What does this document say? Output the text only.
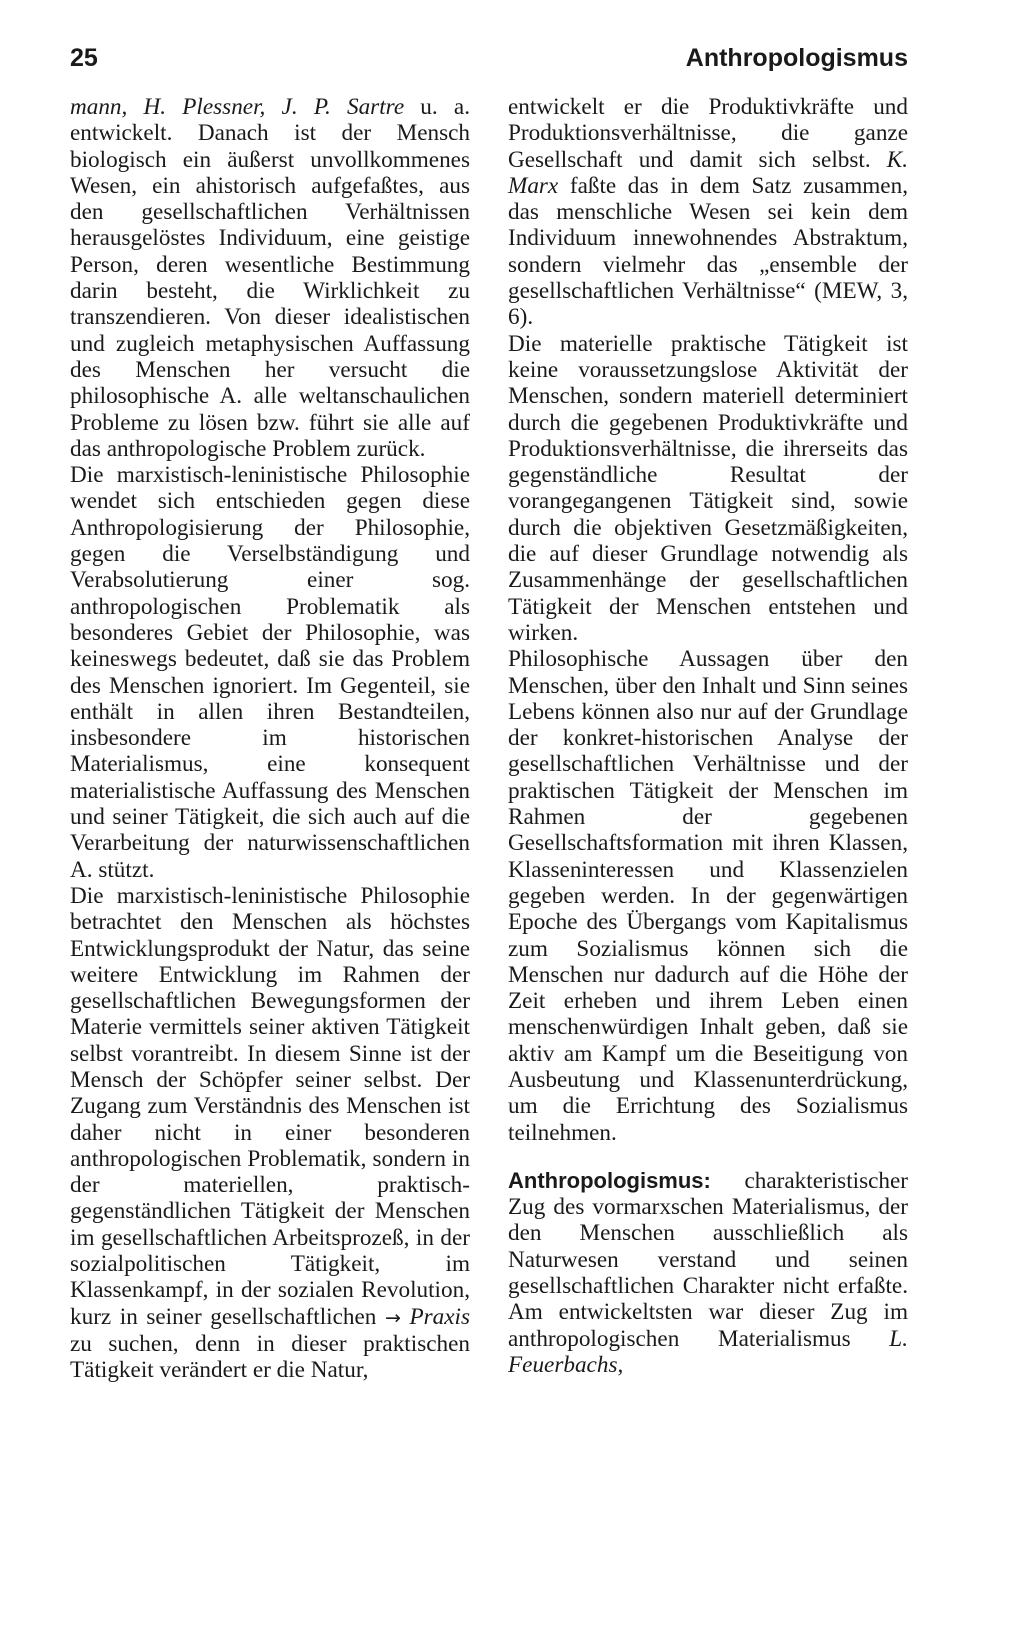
25	Anthropologismus

mann, H. Plessner, J. P. Sartre u. a. entwickelt. Danach ist der Mensch biologisch ein äußerst unvollkommenes Wesen, ein ahistorisch aufgefaßtes, aus den gesellschaftlichen Verhältnissen herausgelöstes Individuum, eine geistige Person, deren wesentliche Bestimmung darin besteht, die Wirklichkeit zu transzendieren. Von dieser idealistischen und zugleich metaphysischen Auffassung des Menschen her versucht die philosophische A. alle weltanschaulichen Probleme zu lösen bzw. führt sie alle auf das anthropologische Problem zurück.

Die marxistisch-leninistische Philosophie wendet sich entschieden gegen diese Anthropologisierung der Philosophie, gegen die Verselbständigung und Verabsolutierung einer sog. anthropologischen Problematik als besonderes Gebiet der Philosophie, was keineswegs bedeutet, daß sie das Problem des Menschen ignoriert. Im Gegenteil, sie enthält in allen ihren Bestandteilen, insbesondere im historischen Materialismus, eine konsequent materialistische Auffassung des Menschen und seiner Tätigkeit, die sich auch auf die Verarbeitung der naturwissenschaftlichen A. stützt.

Die marxistisch-leninistische Philosophie betrachtet den Menschen als höchstes Entwicklungsprodukt der Natur, das seine weitere Entwicklung im Rahmen der gesellschaftlichen Bewegungsformen der Materie vermittels seiner aktiven Tätigkeit selbst vorantreibt. In diesem Sinne ist der Mensch der Schöpfer seiner selbst. Der Zugang zum Verständnis des Menschen ist daher nicht in einer besonderen anthropologischen Problematik, sondern in der materiellen, praktisch-gegenständlichen Tätigkeit der Menschen im gesellschaftlichen Arbeitsprozeß, in der sozialpolitischen Tätigkeit, im Klassenkampf, in der sozialen Revolution, kurz in seiner gesellschaftlichen → Praxis zu suchen, denn in dieser praktischen Tätigkeit verändert er die Natur,

entwickelt er die Produktivkräfte und Produktionsverhältnisse, die ganze Gesellschaft und damit sich selbst. K. Marx faßte das in dem Satz zusammen, das menschliche Wesen sei kein dem Individuum innewohnendes Abstraktum, sondern vielmehr das „ensemble der gesellschaftlichen Verhältnisse“ (MEW, 3, 6).

Die materielle praktische Tätigkeit ist keine voraussetzungslose Aktivität der Menschen, sondern materiell determiniert durch die gegebenen Produktivkräfte und Produktionsverhältnisse, die ihrerseits das gegenständliche Resultat der vorangegangenen Tätigkeit sind, sowie durch die objektiven Gesetzmäßigkeiten, die auf dieser Grundlage notwendig als Zusammenhänge der gesellschaftlichen Tätigkeit der Menschen entstehen und wirken.

Philosophische Aussagen über den Menschen, über den Inhalt und Sinn seines Lebens können also nur auf der Grundlage der konkret-historischen Analyse der gesellschaftlichen Verhältnisse und der praktischen Tätigkeit der Menschen im Rahmen der gegebenen Gesellschaftsformation mit ihren Klassen, Klasseninteressen und Klassenzielen gegeben werden. In der gegenwärtigen Epoche des Übergangs vom Kapitalismus zum Sozialismus können sich die Menschen nur dadurch auf die Höhe der Zeit erheben und ihrem Leben einen menschenwürdigen Inhalt geben, daß sie aktiv am Kampf um die Beseitigung von Ausbeutung und Klassenunterdrückung, um die Errichtung des Sozialismus teilnehmen.

Anthropologismus: charakteristischer Zug des vormarxschen Materialismus, der den Menschen ausschließlich als Naturwesen verstand und seinen gesellschaftlichen Charakter nicht erfaßte. Am entwickeltsten war dieser Zug im anthropologischen Materialismus L. Feuerbachs,
